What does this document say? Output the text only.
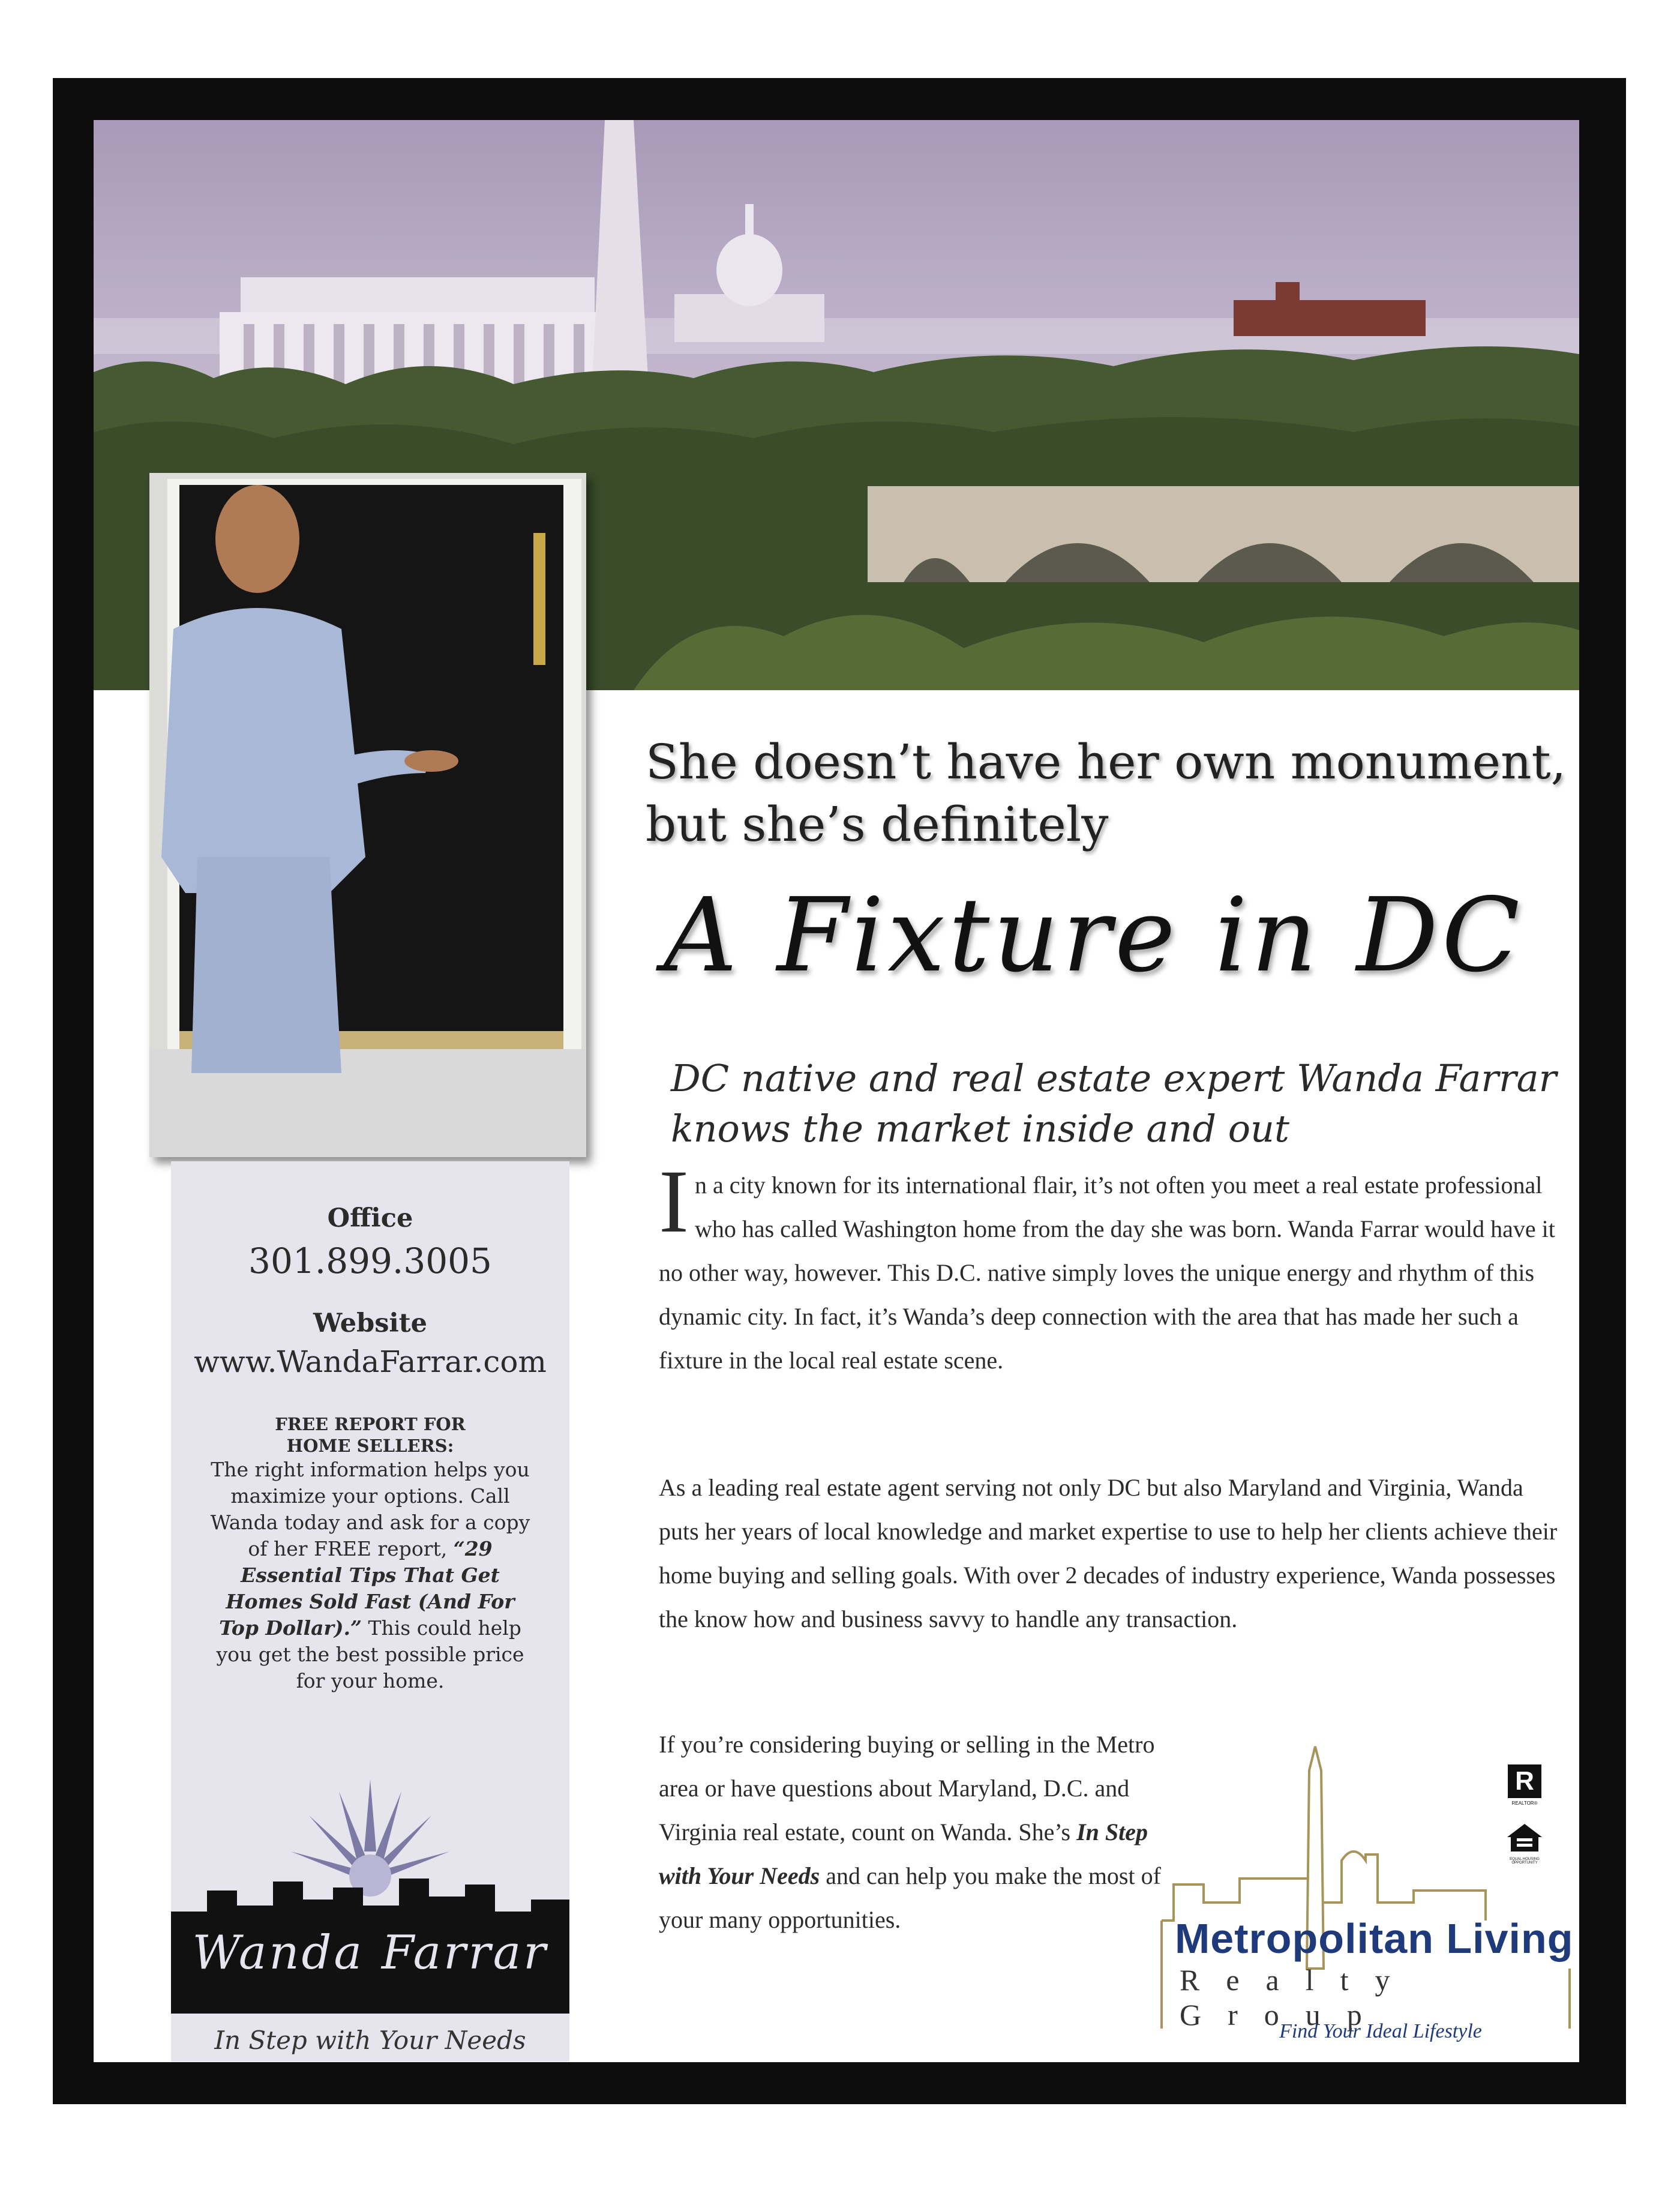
She doesn’t have her own monument,
but she’s definitely
A Fixture in DC
DC native and real estate expert Wanda Farrar
knows the market inside and out
In a city known for its international flair, it’s not often you meet a real estate professional who has called Washington home from the day she was born. Wanda Farrar would have it no other way, however. This D.C. native simply loves the unique energy and rhythm of this dynamic city. In fact, it’s Wanda’s deep connection with the area that has made her such a fixture in the local real estate scene.
As a leading real estate agent serving not only DC but also Maryland and Virginia, Wanda puts her years of local knowledge and market expertise to use to help her clients achieve their home buying and selling goals. With over 2 decades of industry experience, Wanda possesses the know how and business savvy to handle any transaction.
If you’re considering buying or selling in the Metro area or have questions about Maryland, D.C. and Virginia real estate, count on Wanda. She’s In Step with Your Needs and can help you make the most of your many opportunities.	Metropolitan Living
Realty Group
Find Your Ideal Lifestyle
R
REALTOR®
EQUAL HOUSING OPPORTUNITY
Office
301.899.3005
Website
www.WandaFarrar.com
FREE REPORT FOR
HOME SELLERS:
The right information helps you maximize your options. Call Wanda today and ask for a copy of her FREE report, “29 Essential Tips That Get Homes Sold Fast (And For Top Dollar).” This could help you get the best possible price for your home.
Wanda Farrar
In Step with Your Needs
